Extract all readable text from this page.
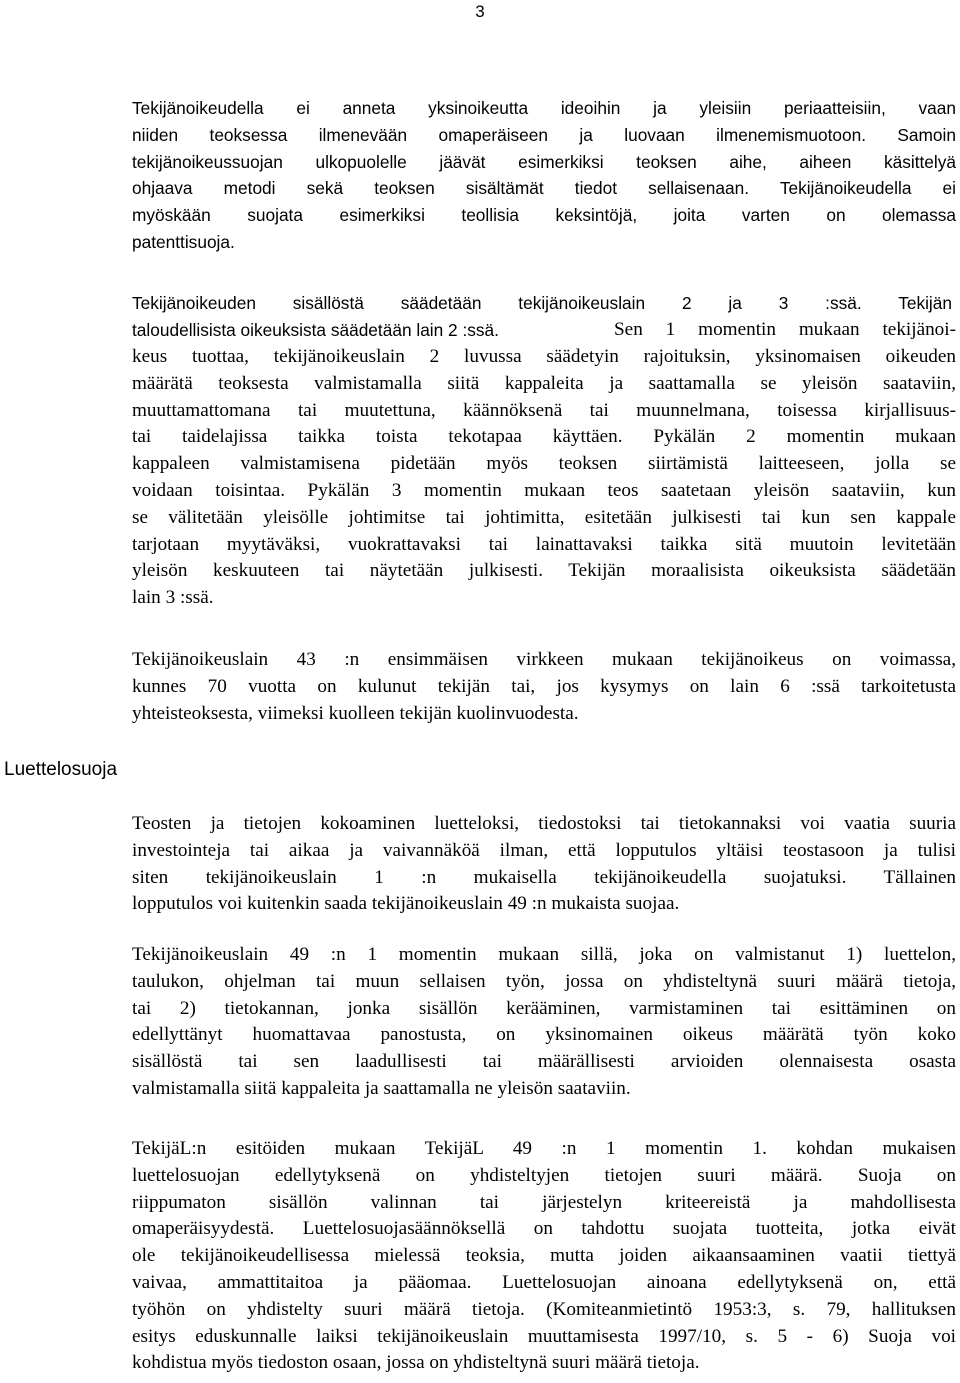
3
Luettelosuoja

Tekijänoikeudella ei anneta yksinoikeutta ideoihin ja yleisiin periaatteisiin, vaan
niiden teoksessa ilmenevään omaperäiseen ja luovaan ilmenemismuotoon. Samoin
tekijänoikeussuojan ulkopuolelle jäävät esimerkiksi teoksen aihe, aiheen käsittelyä
ohjaava metodi sekä teoksen sisältämät tiedot sellaisenaan. Tekijänoikeudella ei
myöskään suojata esimerkiksi teollisia keksintöjä, joita varten on olemassa
patenttisuoja.

Tekijänoikeuden sisällöstä säädetään tekijänoikeuslain 2 ja 3 :ssä. Tekijän
taloudellisista oikeuksista säädetään lain 2 :ssä.	Sen 1 momentin mukaan tekijänoi-

keus tuottaa, tekijänoikeuslain 2 luvussa säädetyin rajoituksin, yksinomaisen oikeuden
määrätä teoksesta valmistamalla siitä kappaleita ja saattamalla se yleisön saataviin,
muuttamattomana tai muutettuna, käännöksenä tai muunnelmana, toisessa kirjallisuus-
tai taidelajissa taikka toista tekotapaa käyttäen. Pykälän 2 momentin mukaan
kappaleen valmistamisena pidetään myös teoksen siirtämistä laitteeseen, jolla se
voidaan toisintaa. Pykälän 3 momentin mukaan teos saatetaan yleisön saataviin, kun
se välitetään yleisölle johtimitse tai johtimitta, esitetään julkisesti tai kun sen kappale
tarjotaan myytäväksi, vuokrattavaksi tai lainattavaksi taikka sitä muutoin levitetään
yleisön keskuuteen tai näytetään julkisesti. Tekijän moraalisista oikeuksista säädetään
lain 3 :ssä.

Tekijänoikeuslain 43 :n ensimmäisen virkkeen mukaan tekijänoikeus on voimassa,
kunnes 70 vuotta on kulunut tekijän tai, jos kysymys on lain 6 :ssä tarkoitetusta
yhteisteoksesta, viimeksi kuolleen tekijän kuolinvuodesta.

Teosten ja tietojen kokoaminen luetteloksi, tiedostoksi tai tietokannaksi voi vaatia suuria
investointeja tai aikaa ja vaivannäköä ilman, että lopputulos yltäisi teostasoon ja tulisi
siten tekijänoikeuslain 1 :n mukaisella tekijänoikeudella suojatuksi. Tällainen
lopputulos voi kuitenkin saada tekijänoikeuslain 49 :n mukaista suojaa.

Tekijänoikeuslain 49 :n 1 momentin mukaan sillä, joka on valmistanut 1) luettelon,
taulukon, ohjelman tai muun sellaisen työn, jossa on yhdisteltynä suuri määrä tietoja,
tai 2) tietokannan, jonka sisällön kerääminen, varmistaminen tai esittäminen on
edellyttänyt huomattavaa panostusta, on yksinomainen oikeus määrätä työn koko
sisällöstä tai sen laadullisesti tai määrällisesti arvioiden olennaisesta osasta
valmistamalla siitä kappaleita ja saattamalla ne yleisön saataviin.

TekijäL:n esitöiden mukaan TekijäL 49 :n 1 momentin 1. kohdan mukaisen
luettelosuojan edellytyksenä on yhdisteltyjen tietojen suuri määrä. Suoja on
riippumaton sisällön valinnan tai järjestelyn kriteereistä ja mahdollisesta
omaperäisyydestä. Luettelosuojasäännöksellä on tahdottu suojata tuotteita, jotka eivät
ole tekijänoikeudellisessa mielessä teoksia, mutta joiden aikaansaaminen vaatii tiettyä
vaivaa, ammattitaitoa ja pääomaa. Luettelosuojan ainoana edellytyksenä on, että
työhön on yhdistelty suuri määrä tietoja. (Komiteanmietintö 1953:3, s. 79, hallituksen
esitys eduskunnalle laiksi tekijänoikeuslain muuttamisesta 1997/10, s. 5 - 6) Suoja voi
kohdistua myös tiedoston osaan, jossa on yhdisteltynä suuri määrä tietoja.
